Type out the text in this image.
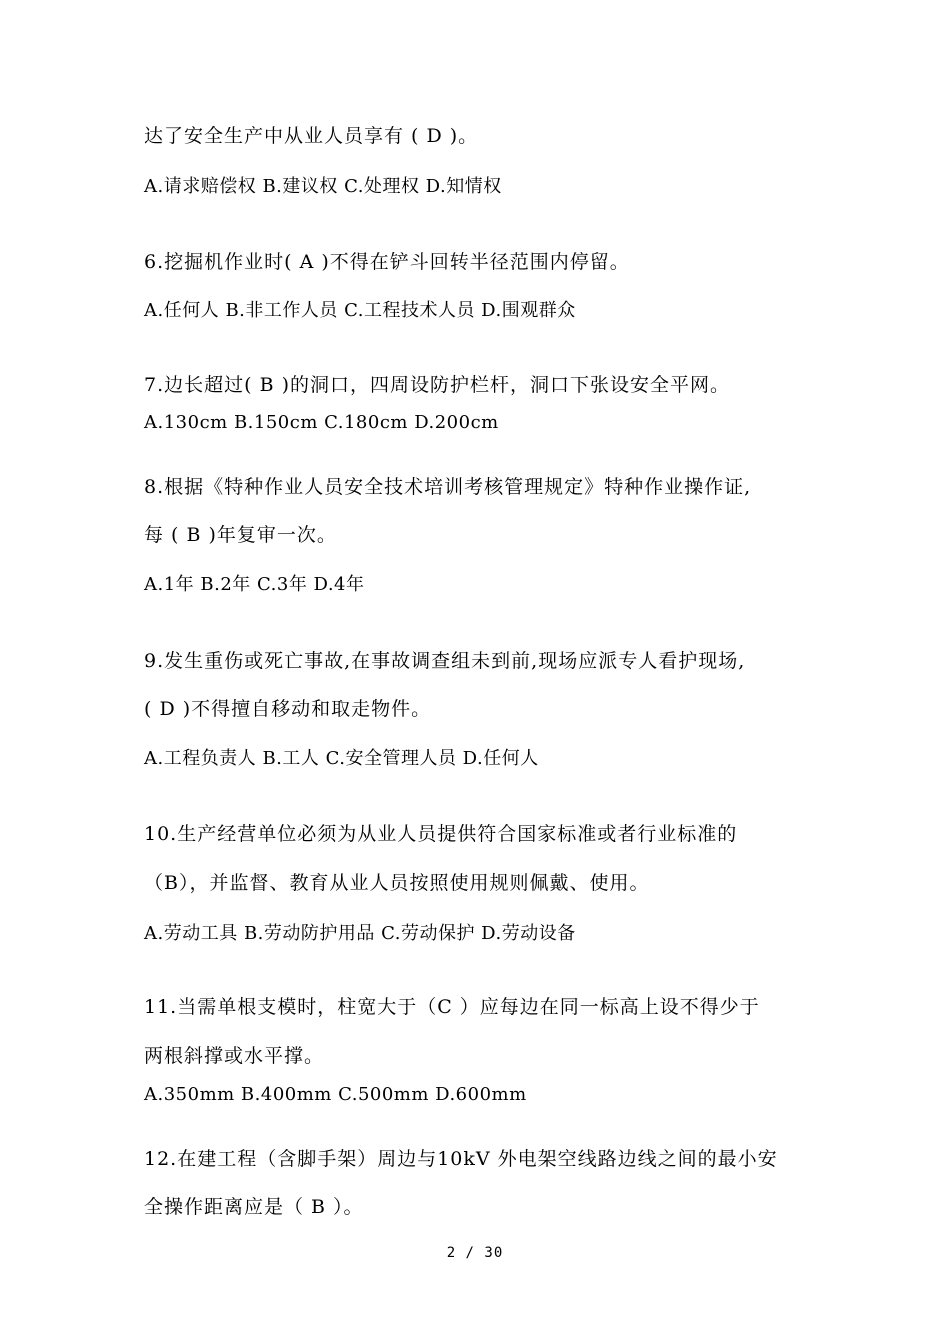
达了安全生产中从业人员享有 ( D )。
A.请求赔偿权 B.建议权 C.处理权 D.知情权
6.挖掘机作业时( A )不得在铲斗回转半径范围内停留。
A.任何人 B.非工作人员 C.工程技术人员 D.围观群众
7.边长超过( B )的洞口，四周设防护栏杆，洞口下张设安全平网。
A.130cm B.150cm C.180cm D.200cm
8.根据《特种作业人员安全技术培训考核管理规定》特种作业操作证,
每 ( B )年复审一次。
A.1年 B.2年 C.3年 D.4年
9.发生重伤或死亡事故,在事故调查组未到前,现场应派专人看护现场,
( D )不得擅自移动和取走物件。
A.工程负责人 B.工人 C.安全管理人员 D.任何人
10.生产经营单位必须为从业人员提供符合国家标准或者行业标准的
（B），并监督、教育从业人员按照使用规则佩戴、使用。
A.劳动工具 B.劳动防护用品 C.劳动保护 D.劳动设备
11.当需单根支模时，柱宽大于（C ）应每边在同一标高上设不得少于
两根斜撑或水平撑。
A.350mm B.400mm C.500mm D.600mm
12.在建工程（含脚手架）周边与10kV 外电架空线路边线之间的最小安
全操作距离应是（ B ）。
2 / 30
